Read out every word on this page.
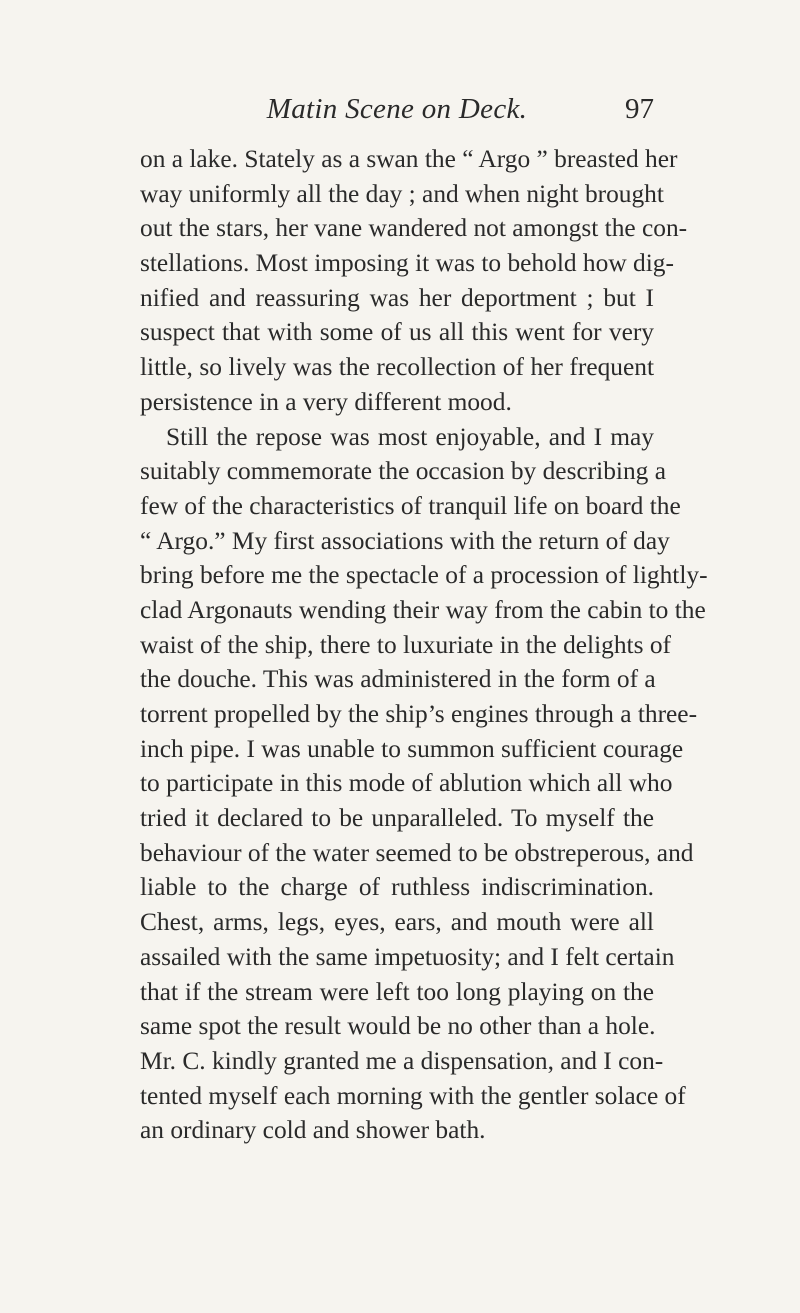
Matin Scene on Deck.	97
on a lake. Stately as a swan the “ Argo ” breasted her
way uniformly all the day ; and when night brought
out the stars, her vane wandered not amongst the con-
stellations. Most imposing it was to behold how dig-
nified and reassuring was her deportment ; but I
suspect that with some of us all this went for very
little, so lively was the recollection of her frequent
persistence in a very different mood.
Still the repose was most enjoyable, and I may
suitably commemorate the occasion by describing a
few of the characteristics of tranquil life on board the
“ Argo.” My first associations with the return of day
bring before me the spectacle of a procession of lightly-
clad Argonauts wending their way from the cabin to the
waist of the ship, there to luxuriate in the delights of
the douche. This was administered in the form of a
torrent propelled by the ship’s engines through a three-
inch pipe. I was unable to summon sufficient courage
to participate in this mode of ablution which all who
tried it declared to be unparalleled. To myself the
behaviour of the water seemed to be obstreperous, and
liable to the charge of ruthless indiscrimination.
Chest, arms, legs, eyes, ears, and mouth were all
assailed with the same impetuosity; and I felt certain
that if the stream were left too long playing on the
same spot the result would be no other than a hole.
Mr. C. kindly granted me a dispensation, and I con-
tented myself each morning with the gentler solace of
an ordinary cold and shower bath.
